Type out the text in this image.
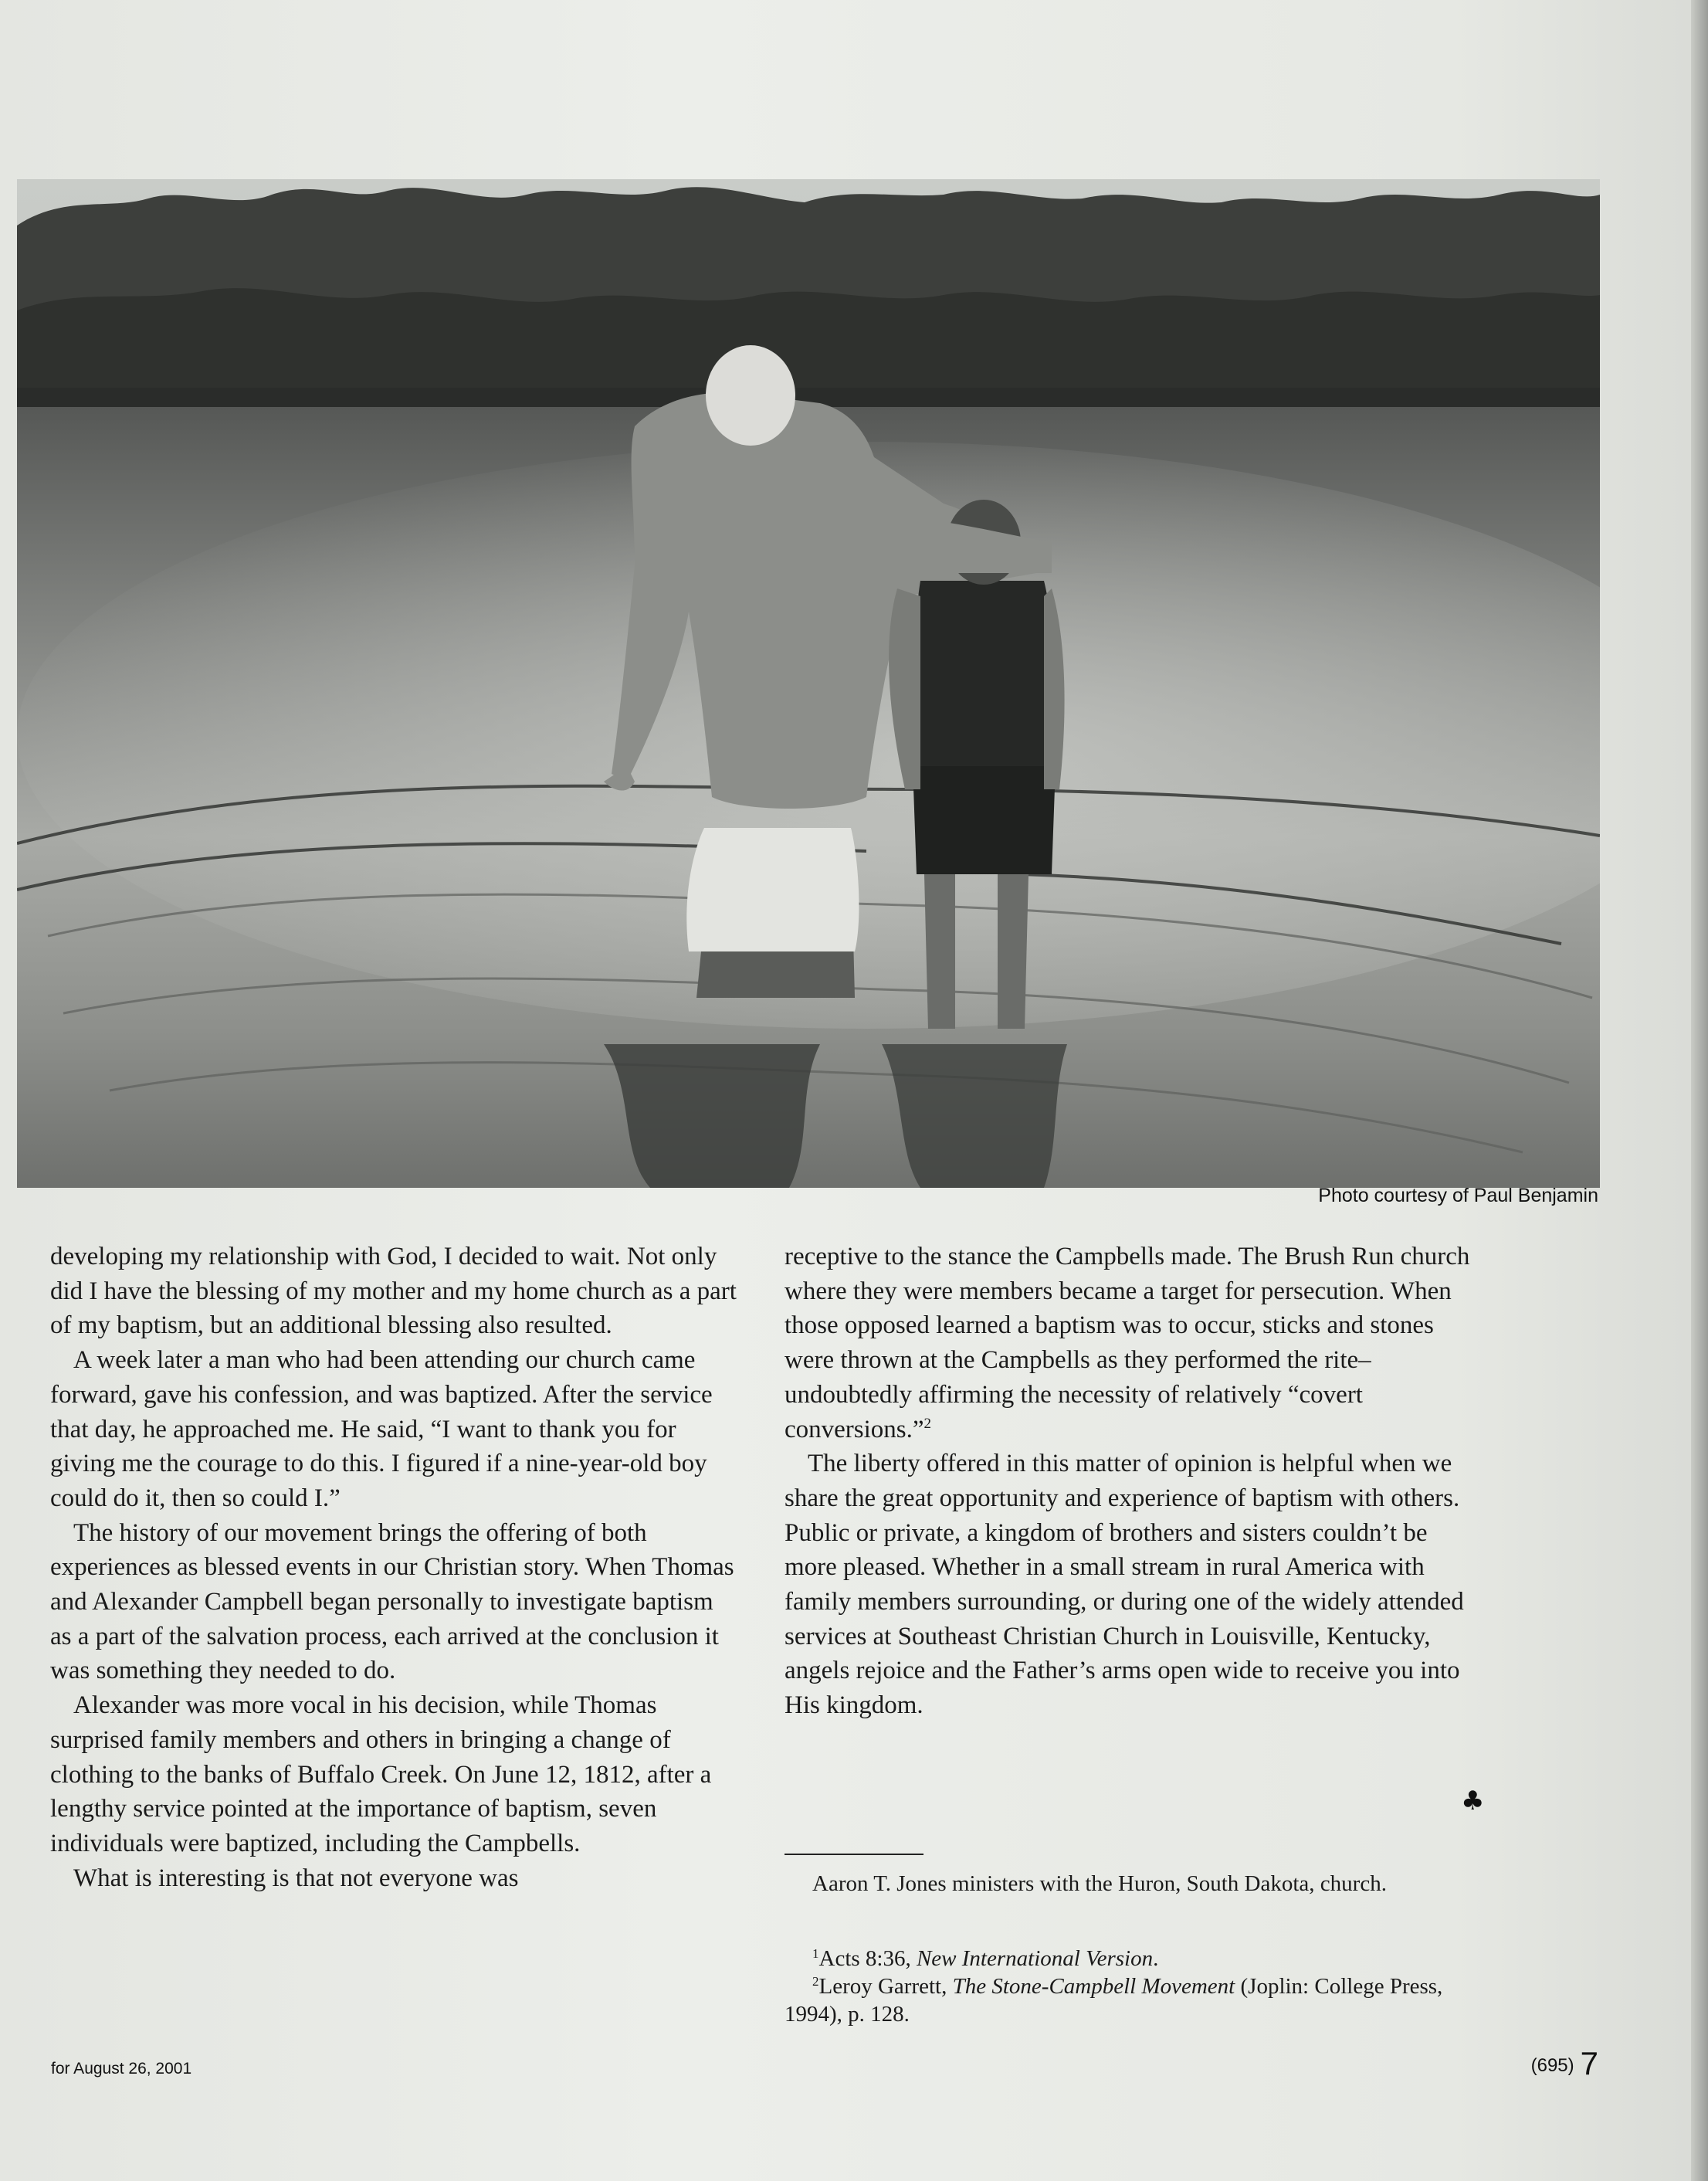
Photo courtesy of Paul Benjamin

developing my relationship with God, I decided to wait. Not only did I have the blessing of my mother and my home church as a part of my baptism, but an additional blessing also resulted.

A week later a man who had been attending our church came forward, gave his confession, and was baptized. After the service that day, he approached me. He said, “I want to thank you for giving me the courage to do this. I figured if a nine-year-old boy could do it, then so could I.”

The history of our movement brings the offering of both experiences as blessed events in our Christian story. When Thomas and Alexander Campbell began personally to investigate baptism as a part of the salvation process, each arrived at the conclusion it was something they needed to do.

Alexander was more vocal in his decision, while Thomas surprised family members and others in bringing a change of clothing to the banks of Buffalo Creek. On June 12, 1812, after a lengthy service pointed at the importance of baptism, seven individuals were baptized, including the Campbells.

What is interesting is that not everyone was

receptive to the stance the Campbells made. The Brush Run church where they were members became a target for persecution. When those opposed learned a baptism was to occur, sticks and stones were thrown at the Campbells as they performed the rite–undoubtedly affirming the necessity of relatively “covert conversions.”$^2$

The liberty offered in this matter of opinion is helpful when we share the great opportunity and experience of baptism with others. Public or private, a kingdom of brothers and sisters couldn’t be more pleased. Whether in a small stream in rural America with family members surrounding, or during one of the widely attended services at Southeast Christian Church in Louisville, Kentucky, angels rejoice and the Father’s arms open wide to receive you into His kingdom.

♣

Aaron T. Jones ministers with the Huron, South Dakota, church.

$^1$Acts 8:36, New International Version.

$^2$Leroy Garrett, The Stone-Campbell Movement (Joplin: College Press, 1994), p. 128.

for August 26, 2001	(695) 7
